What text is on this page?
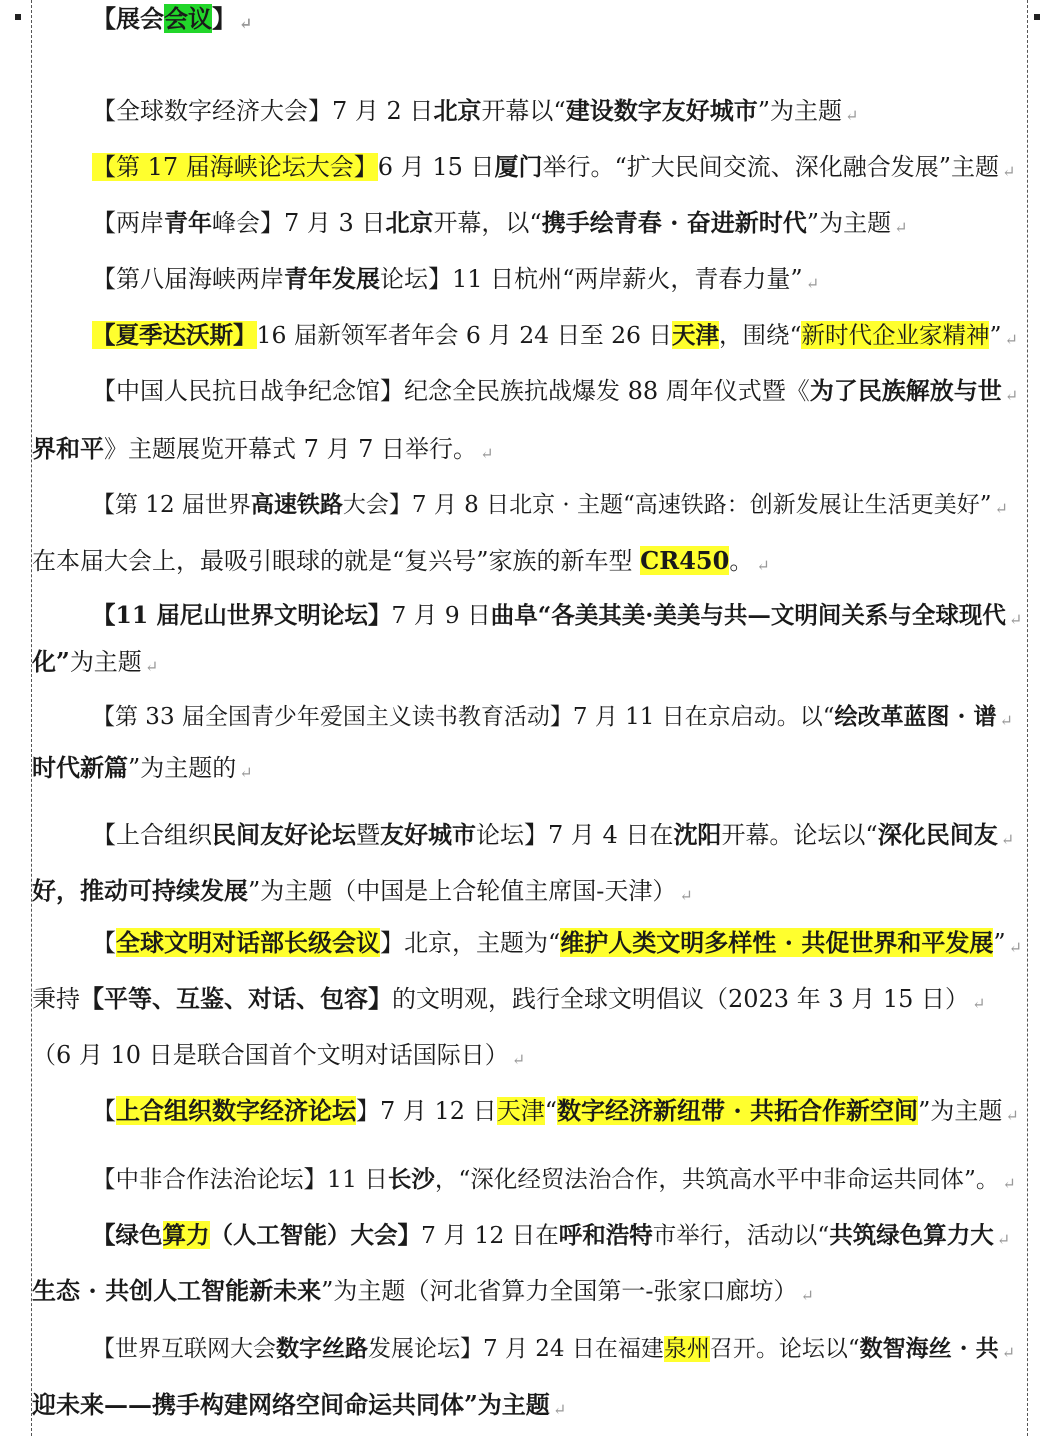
【展会会议】 ↵
【全球数字经济大会】7 月 2 日北京开幕以“建设数字友好城市”为主题 ↵
【第 17 届海峡论坛大会】6 月 15 日厦门举行。“扩大民间交流、深化融合发展”主题 ↵
【两岸青年峰会】7 月 3 日北京开幕，以“携手绘青春 · 奋进新时代”为主题 ↵
【第八届海峡两岸青年发展论坛】11 日杭州“两岸薪火，青春力量” ↵
【夏季达沃斯】16 届新领军者年会 6 月 24 日至 26 日天津，围绕“新时代企业家精神” ↵
【中国人民抗日战争纪念馆】纪念全民族抗战爆发 88 周年仪式暨《为了民族解放与世 ↵
界和平》主题展览开幕式 7 月 7 日举行。 ↵
【第 12 届世界高速铁路大会】7 月 8 日北京 · 主题“高速铁路：创新发展让生活更美好” ↵
在本届大会上，最吸引眼球的就是“复兴号”家族的新车型 CR450。 ↵
【11 届尼山世界文明论坛】7 月 9 日曲阜“各美其美·美美与共—文明间关系与全球现代 ↵
化”为主题 ↵
【第 33 届全国青少年爱国主义读书教育活动】7 月 11 日在京启动。以“绘改革蓝图 · 谱 ↵
时代新篇”为主题的 ↵
【上合组织民间友好论坛暨友好城市论坛】7 月 4 日在沈阳开幕。论坛以“深化民间友 ↵
好，推动可持续发展”为主题（中国是上合轮值主席国-天津） ↵
【全球文明对话部长级会议】北京，主题为“维护人类文明多样性 · 共促世界和平发展” ↵
秉持【平等、互鉴、对话、包容】的文明观，践行全球文明倡议（2023 年 3 月 15 日） ↵
（6 月 10 日是联合国首个文明对话国际日） ↵
【上合组织数字经济论坛】7 月 12 日天津“数字经济新纽带 · 共拓合作新空间”为主题 ↵
【中非合作法治论坛】11 日长沙，“深化经贸法治合作，共筑高水平中非命运共同体”。 ↵
【绿色算力（人工智能）大会】7 月 12 日在呼和浩特市举行，活动以“共筑绿色算力大 ↵
生态 · 共创人工智能新未来”为主题（河北省算力全国第一-张家口廊坊） ↵
【世界互联网大会数字丝路发展论坛】7 月 24 日在福建泉州召开。论坛以“数智海丝 · 共 ↵
迎未来——携手构建网络空间命运共同体”为主题 ↵
